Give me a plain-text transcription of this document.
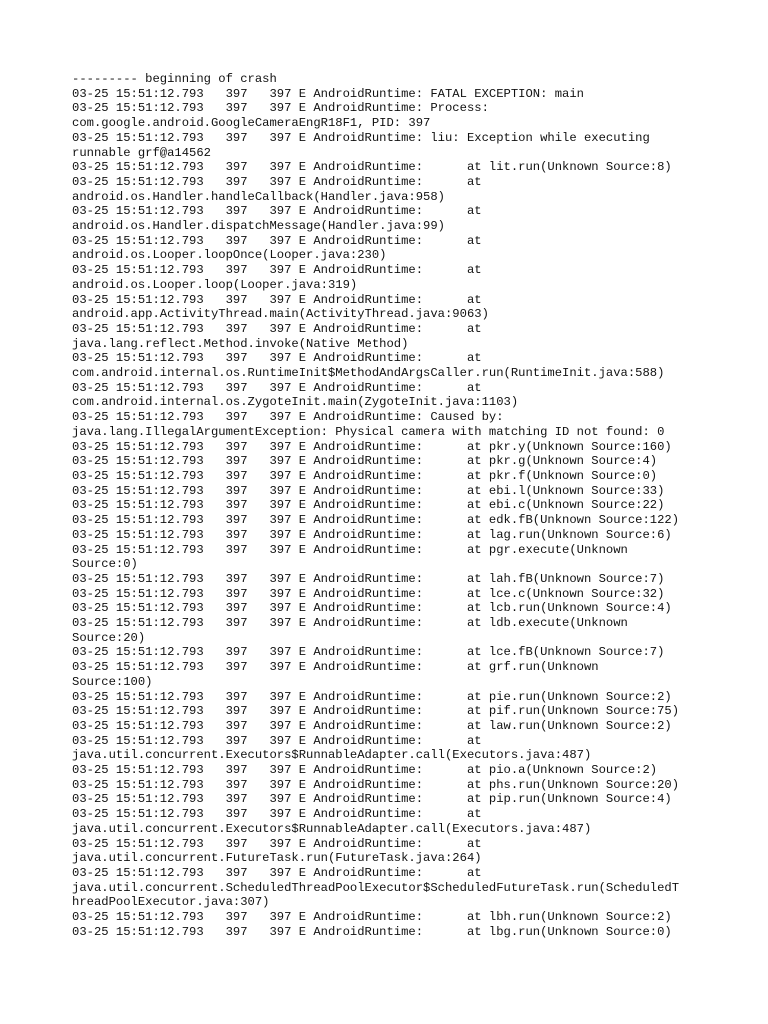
--------- beginning of crash
03-25 15:51:12.793   397   397 E AndroidRuntime: FATAL EXCEPTION: main
03-25 15:51:12.793   397   397 E AndroidRuntime: Process:
com.google.android.GoogleCameraEngR18F1, PID: 397
03-25 15:51:12.793   397   397 E AndroidRuntime: liu: Exception while executing
runnable grf@a14562
03-25 15:51:12.793   397   397 E AndroidRuntime:      at lit.run(Unknown Source:8)
03-25 15:51:12.793   397   397 E AndroidRuntime:      at
android.os.Handler.handleCallback(Handler.java:958)
03-25 15:51:12.793   397   397 E AndroidRuntime:      at
android.os.Handler.dispatchMessage(Handler.java:99)
03-25 15:51:12.793   397   397 E AndroidRuntime:      at
android.os.Looper.loopOnce(Looper.java:230)
03-25 15:51:12.793   397   397 E AndroidRuntime:      at
android.os.Looper.loop(Looper.java:319)
03-25 15:51:12.793   397   397 E AndroidRuntime:      at
android.app.ActivityThread.main(ActivityThread.java:9063)
03-25 15:51:12.793   397   397 E AndroidRuntime:      at
java.lang.reflect.Method.invoke(Native Method)
03-25 15:51:12.793   397   397 E AndroidRuntime:      at
com.android.internal.os.RuntimeInit$MethodAndArgsCaller.run(RuntimeInit.java:588)
03-25 15:51:12.793   397   397 E AndroidRuntime:      at
com.android.internal.os.ZygoteInit.main(ZygoteInit.java:1103)
03-25 15:51:12.793   397   397 E AndroidRuntime: Caused by:
java.lang.IllegalArgumentException: Physical camera with matching ID not found: 0
03-25 15:51:12.793   397   397 E AndroidRuntime:      at pkr.y(Unknown Source:160)
03-25 15:51:12.793   397   397 E AndroidRuntime:      at pkr.g(Unknown Source:4)
03-25 15:51:12.793   397   397 E AndroidRuntime:      at pkr.f(Unknown Source:0)
03-25 15:51:12.793   397   397 E AndroidRuntime:      at ebi.l(Unknown Source:33)
03-25 15:51:12.793   397   397 E AndroidRuntime:      at ebi.c(Unknown Source:22)
03-25 15:51:12.793   397   397 E AndroidRuntime:      at edk.fB(Unknown Source:122)
03-25 15:51:12.793   397   397 E AndroidRuntime:      at lag.run(Unknown Source:6)
03-25 15:51:12.793   397   397 E AndroidRuntime:      at pgr.execute(Unknown
Source:0)
03-25 15:51:12.793   397   397 E AndroidRuntime:      at lah.fB(Unknown Source:7)
03-25 15:51:12.793   397   397 E AndroidRuntime:      at lce.c(Unknown Source:32)
03-25 15:51:12.793   397   397 E AndroidRuntime:      at lcb.run(Unknown Source:4)
03-25 15:51:12.793   397   397 E AndroidRuntime:      at ldb.execute(Unknown
Source:20)
03-25 15:51:12.793   397   397 E AndroidRuntime:      at lce.fB(Unknown Source:7)
03-25 15:51:12.793   397   397 E AndroidRuntime:      at grf.run(Unknown
Source:100)
03-25 15:51:12.793   397   397 E AndroidRuntime:      at pie.run(Unknown Source:2)
03-25 15:51:12.793   397   397 E AndroidRuntime:      at pif.run(Unknown Source:75)
03-25 15:51:12.793   397   397 E AndroidRuntime:      at law.run(Unknown Source:2)
03-25 15:51:12.793   397   397 E AndroidRuntime:      at
java.util.concurrent.Executors$RunnableAdapter.call(Executors.java:487)
03-25 15:51:12.793   397   397 E AndroidRuntime:      at pio.a(Unknown Source:2)
03-25 15:51:12.793   397   397 E AndroidRuntime:      at phs.run(Unknown Source:20)
03-25 15:51:12.793   397   397 E AndroidRuntime:      at pip.run(Unknown Source:4)
03-25 15:51:12.793   397   397 E AndroidRuntime:      at
java.util.concurrent.Executors$RunnableAdapter.call(Executors.java:487)
03-25 15:51:12.793   397   397 E AndroidRuntime:      at
java.util.concurrent.FutureTask.run(FutureTask.java:264)
03-25 15:51:12.793   397   397 E AndroidRuntime:      at
java.util.concurrent.ScheduledThreadPoolExecutor$ScheduledFutureTask.run(ScheduledT
hreadPoolExecutor.java:307)
03-25 15:51:12.793   397   397 E AndroidRuntime:      at lbh.run(Unknown Source:2)
03-25 15:51:12.793   397   397 E AndroidRuntime:      at lbg.run(Unknown Source:0)
